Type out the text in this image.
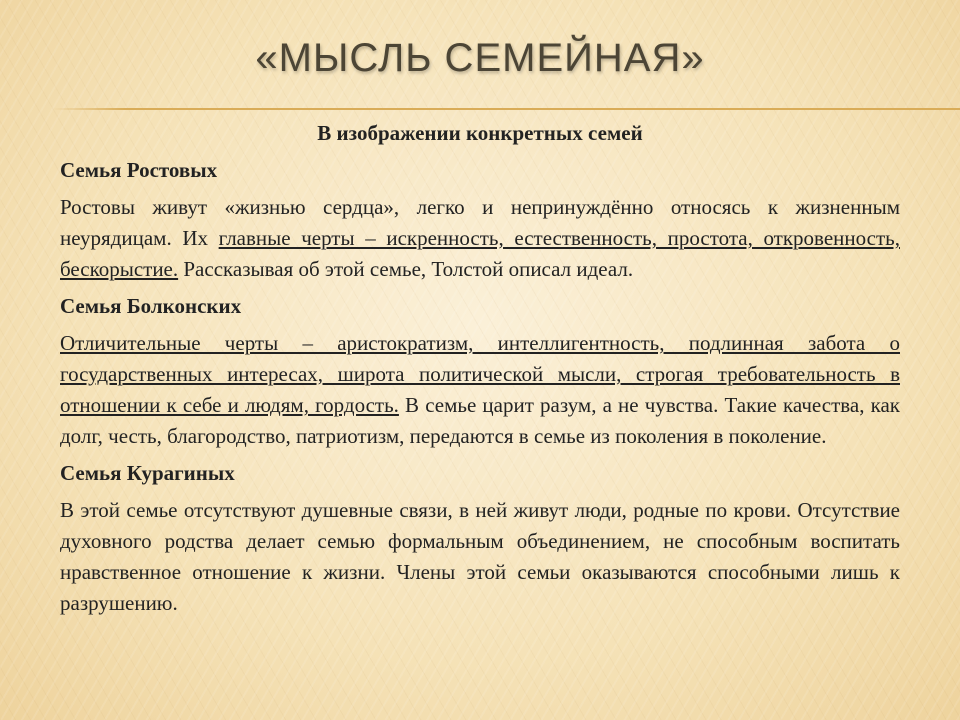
«МЫСЛЬ СЕМЕЙНАЯ»
В изображении конкретных семей
Семья Ростовых
Ростовы живут «жизнью сердца», легко и непринуждённо относясь к жизненным неурядицам. Их главные черты – искренность, естественность, простота, откровенность, бескорыстие. Рассказывая об этой семье, Толстой описал идеал.
Семья Болконских
Отличительные черты – аристократизм, интеллигентность, подлинная забота о государственных интересах, широта политической мысли, строгая требовательность в отношении к себе и людям, гордость. В семье царит разум, а не чувства. Такие качества, как долг, честь, благородство, патриотизм, передаются в семье из поколения в поколение.
Семья Курагиных
В этой семье отсутствуют душевные связи, в ней живут люди, родные по крови. Отсутствие духовного родства делает семью формальным объединением, не способным воспитать нравственное отношение к жизни. Члены этой семьи оказываются способными лишь к разрушению.
